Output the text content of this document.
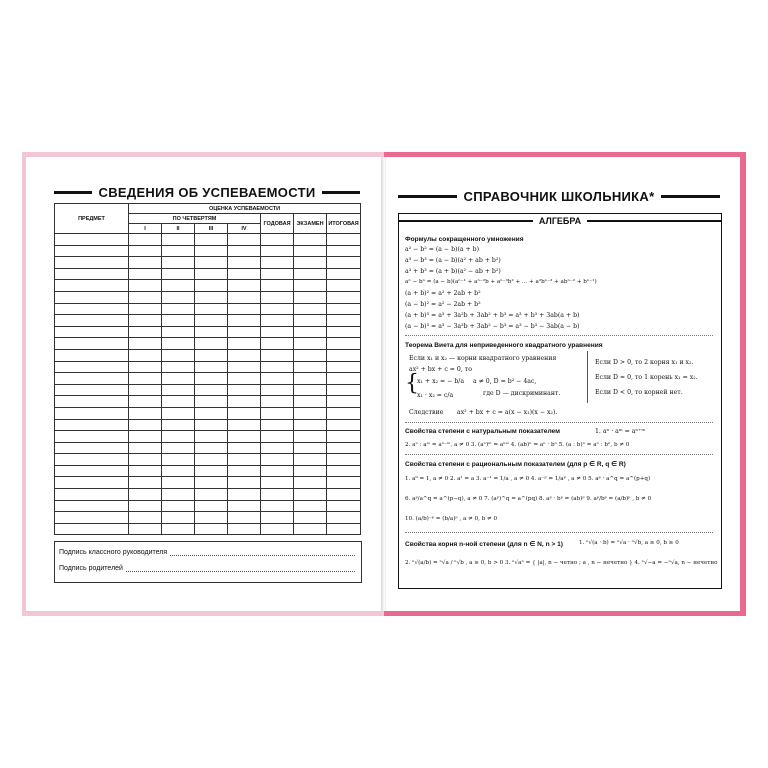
СВЕДЕНИЯ ОБ УСПЕВАЕМОСТИ
ПРЕДМЕТ	ОЦЕНКА УСПЕВАЕМОСТИ						
	ПО ЧЕТВЕРТЯМ				ГОДОВАЯ	ЭКЗАМЕН	ИТОГОВАЯ
	I	II	III	IV			

Подпись классного руководителя
Подпись родителей
СПРАВОЧНИК ШКОЛЬНИКА*
АЛГЕБРА
Формулы сокращенного умножения
a² − b² = (a − b)(a + b)
a³ − b³ = (a − b)(a² + ab + b²)
a³ + b³ = (a + b)(a² − ab + b²)
aⁿ − bⁿ = (a − b)(aⁿ⁻¹ + aⁿ⁻²b + aⁿ⁻³b² + ... + a²bⁿ⁻³ + abⁿ⁻² + bⁿ⁻¹)
(a + b)² = a² + 2ab + b²
(a − b)² = a² − 2ab + b²
(a + b)³ = a³ + 3a²b + 3ab² + b³ = a³ + b³ + 3ab(a + b)
(a − b)³ = a³ − 3a²b + 3ab² − b³ = a³ − b³ − 3ab(a − b)
Теорема Виета для неприведенного квадратного уравнения
Если x₁ и x₂ — корни квадратного уравнения
ax² + bx + c = 0, то
{
x₁ + x₂ = − b/a
x₁ · x₂ = c/a
a ≠ 0, D = b² − 4ac,
где D — дискриминант.
Если D > 0, то 2 корня x₁ и x₂.
Если D = 0, то 1 корень x₁ = x₂.
Если D < 0, то корней нет.
Следствие ax² + bx + c = a(x − x₁)(x − x₂).
Свойства степени с натуральным показателем	1. aⁿ · aᵐ = aⁿ⁺ᵐ
2. aⁿ : aᵐ = aⁿ⁻ᵐ, a ≠ 0 3. (aⁿ)ᵐ = aⁿᵐ 4. (ab)ⁿ = aⁿ · bⁿ 5. (a : b)ⁿ = aⁿ : bⁿ, b ≠ 0
Свойства степени с рациональным показателем (для p ∈ R, q ∈ R)
1. a⁰ = 1, a ≠ 0 2. a¹ = a 3. a⁻¹ = 1/a , a ≠ 0 4. a⁻ᵖ = 1/aᵖ , a ≠ 0 5. aᵖ · a^q = a^(p+q)
6. aᵖ/a^q = a^(p−q), a ≠ 0 7. (aᵖ)^q = a^(pq) 8. aᵖ · bᵖ = (ab)ᵖ 9. aᵖ/bᵖ = (a/b)ᵖ , b ≠ 0
10. (a/b)⁻ᵖ = (b/a)ᵖ , a ≠ 0, b ≠ 0
Свойства корня n-ной степени (для n ∈ N, n > 1)	1. ⁿ√(a · b) = ⁿ√a · ⁿ√b, a ≥ 0, b ≥ 0
2. ⁿ√(a/b) = ⁿ√a / ⁿ√b , a ≥ 0, b > 0 3. ⁿ√aⁿ = { |a|, n − четно ; a , n − нечетно } 4. ⁿ√−a = −ⁿ√a, n − нечетно
